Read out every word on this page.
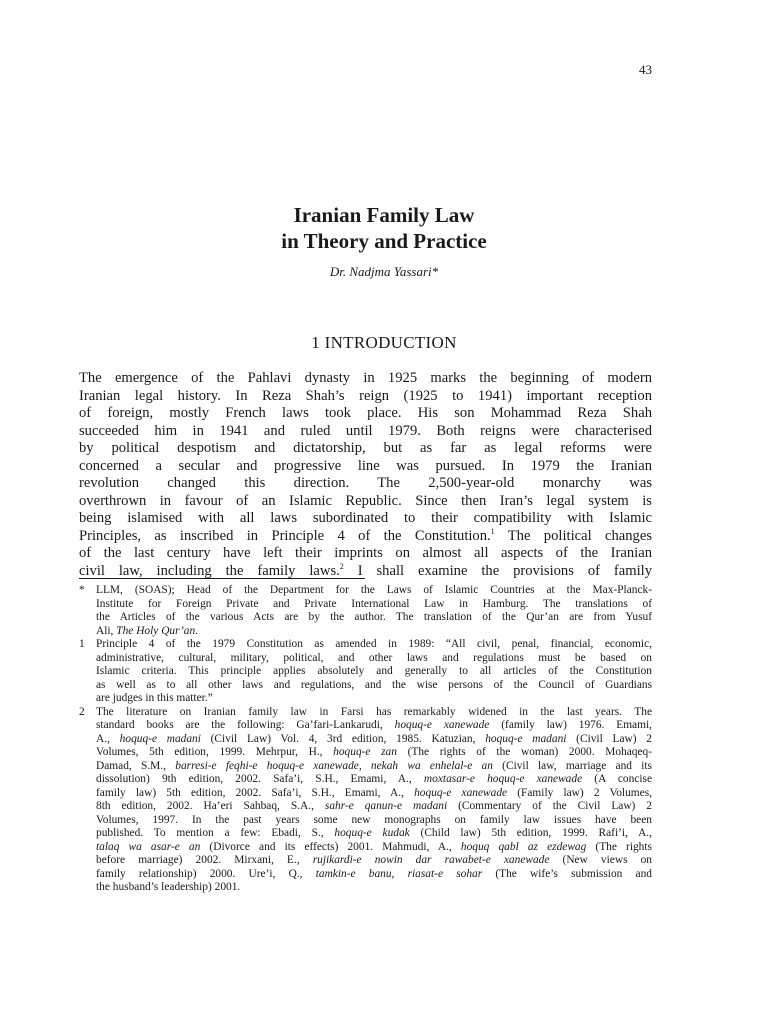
43
Iranian Family Law
in Theory and Practice
Dr. Nadjma Yassari*
1 INTRODUCTION
The emergence of the Pahlavi dynasty in 1925 marks the beginning of modern
Iranian legal history. In Reza Shah’s reign (1925 to 1941) important reception
of foreign, mostly French laws took place. His son Mohammad Reza Shah
succeeded him in 1941 and ruled until 1979. Both reigns were characterised
by political despotism and dictatorship, but as far as legal reforms were
concerned a secular and progressive line was pursued. In 1979 the Iranian
revolution changed this direction. The 2,500-year-old monarchy was
overthrown in favour of an Islamic Republic. Since then Iran’s legal system is
being islamised with all laws subordinated to their compatibility with Islamic
Principles, as inscribed in Principle 4 of the Constitution.$^1$ The political changes
of the last century have left their imprints on almost all aspects of the Iranian
civil law, including the family laws.$^2$ I shall examine the provisions of family
* LLM, (SOAS); Head of the Department for the Laws of Islamic Countries at the Max-Planck-
Institute for Foreign Private and Private International Law in Hamburg. The translations of
the Articles of the various Acts are by the author. The translation of the Qur’an are from Yusuf
Ali, The Holy Qur’an.
1 Principle 4 of the 1979 Constitution as amended in 1989: “All civil, penal, financial, economic,
administrative, cultural, military, political, and other laws and regulations must be based on
Islamic criteria. This principle applies absolutely and generally to all articles of the Constitution
as well as to all other laws and regulations, and the wise persons of the Council of Guardians
are judges in this matter.”
2 The literature on Iranian family law in Farsi has remarkably widened in the last years. The
standard books are the following: Ga’fari-Lankarudi, hoquq-e xanewade (family law) 1976. Emami,
A., hoquq-e madani (Civil Law) Vol. 4, 3rd edition, 1985. Katuzian, hoquq-e madani (Civil Law) 2
Volumes, 5th edition, 1999. Mehrpur, H., hoquq-e zan (The rights of the woman) 2000. Mohaqeq-
Damad, S.M., barresi-e feqhi-e hoquq-e xanewade, nekah wa enhelal-e an (Civil law, marriage and its
dissolution) 9th edition, 2002. Safa’i, S.H., Emami, A., moxtasar-e hoquq-e xanewade (A concise
family law) 5th edition, 2002. Safa’i, S.H., Emami, A., hoquq-e xanewade (Family law) 2 Volumes,
8th edition, 2002. Ha’eri Sahbaq, S.A., sahr-e qanun-e madani (Commentary of the Civil Law) 2
Volumes, 1997. In the past years some new monographs on family law issues have been
published. To mention a few: Ebadi, S., hoquq-e kudak (Child law) 5th edition, 1999. Rafi’i, A.,
talaq wa asar-e an (Divorce and its effects) 2001. Mahmudi, A., hoquq qabl az ezdewag (The rights
before marriage) 2002. Mirxani, E., rujikardi-e nowin dar rawabet-e xanewade (New views on
family relationship) 2000. Ure’i, Q., tamkin-e banu, riasat-e sohar (The wife’s submission and
the husband’s leadership) 2001.
